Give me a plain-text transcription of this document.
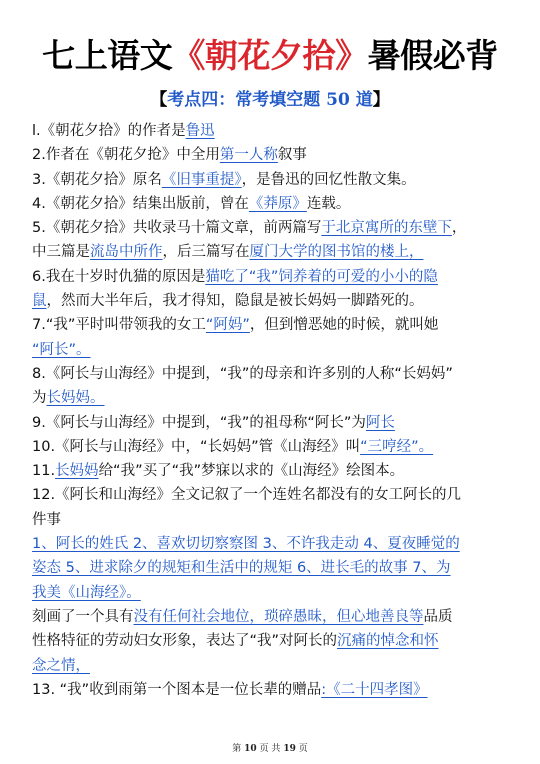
七上语文《朝花夕拾》暑假必背
【考点四：常考填空题 50 道】
l.《朝花夕拾》的作者是鲁迅
2.作者在《朝花夕抢》中全用第一人称叙事
3.《朝花夕拾》原名《旧事重提》，是鲁迅的回忆性散文集。
4.《朝花夕拾》结集出版前，曾在《莽原》连载。
5.《朝花夕拾》共收录马十篇文章，前两篇写于北京寓所的东壁下，
中三篇是流岛中所作，后三篇写在厦门大学的图书馆的楼上，
6.我在十岁时仇猫的原因是猫吃了“我”饲养着的可爱的小小的隐
鼠，然而大半年后，我才得知，隐鼠是被长妈妈一脚踏死的。
7.“我”平时叫带领我的女工“阿妈”，但到憎恶她的时候，就叫她
“阿长”。
8.《阿长与山海经》中提到，“我”的母亲和许多别的人称“长妈妈”
为长妈妈。
9.《阿长与山海经》中提到，“我”的祖母称“阿长”为阿长
10.《阿长与山海经》中，“长妈妈”管《山海经》叫“三哼经”。
11.长妈妈给“我”买了“我”梦寐以求的《山海经》绘图本。
12.《阿长和山海经》全文记叙了一个连姓名都没有的女工阿长的几
件事
1、阿长的姓氏 2、喜欢切切察察图 3、不许我走动 4、夏夜睡觉的
姿态 5、进求除夕的规矩和生活中的规矩 6、进长毛的故事 7、为
我美《山海经》。
刻画了一个具有没有任何社会地位，琐碎愚昧，但心地善良等品质
性格特征的劳动妇女形象，表达了“我”对阿长的沉痛的悼念和怀
念之情，
13. “我”收到雨第一个图本是一位长辈的赠品:《二十四孝图》
第 10 页 共 19 页
